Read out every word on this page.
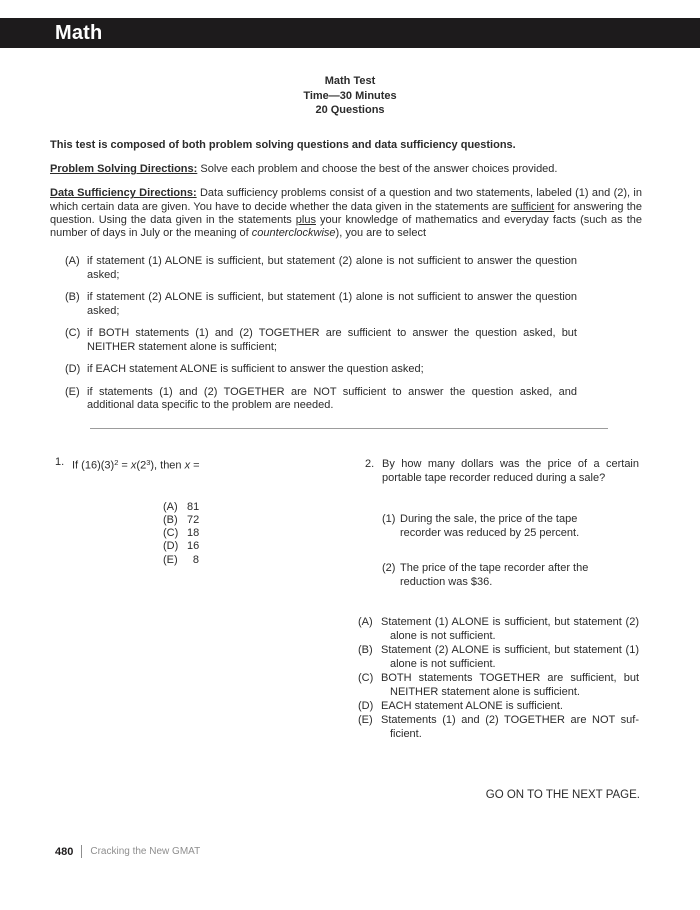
Math
Math Test
Time—30 Minutes
20 Questions
This test is composed of both problem solving questions and data sufficiency questions.
Problem Solving Directions: Solve each problem and choose the best of the answer choices provided.
Data Sufficiency Directions: Data sufficiency problems consist of a question and two statements, labeled (1) and (2), in which certain data are given. You have to decide whether the data given in the statements are sufficient for answering the question. Using the data given in the statements plus your knowledge of mathematics and everyday facts (such as the number of days in July or the meaning of counterclockwise), you are to select
(A) if statement (1) ALONE is sufficient, but statement (2) alone is not sufficient to answer the question asked;
(B) if statement (2) ALONE is sufficient, but statement (1) alone is not sufficient to answer the question asked;
(C) if BOTH statements (1) and (2) TOGETHER are sufficient to answer the question asked, but NEITHER statement alone is sufficient;
(D) if EACH statement ALONE is sufficient to answer the question asked;
(E) if statements (1) and (2) TOGETHER are NOT sufficient to answer the question asked, and additional data specific to the problem are needed.
1. If $(16)(3)^2 = x(2^3)$, then x =
(A) 81
(B) 72
(C) 18
(D) 16
(E)	8
2. By how many dollars was the price of a certain portable tape recorder reduced during a sale?
(1) During the sale, the price of the tape recorder was reduced by 25 percent.
(2) The price of the tape recorder after the reduction was $36.
(A) Statement (1) ALONE is sufficient, but statement (2) alone is not sufficient.
(B) Statement (2) ALONE is sufficient, but statement (1) alone is not sufficient.
(C) BOTH statements TOGETHER are sufficient, but NEITHER statement alone is sufficient.
(D) EACH statement ALONE is sufficient.
(E) Statements (1) and (2) TOGETHER are NOT suf-ficient.
GO ON TO THE NEXT PAGE.
480 Cracking the New GMAT
